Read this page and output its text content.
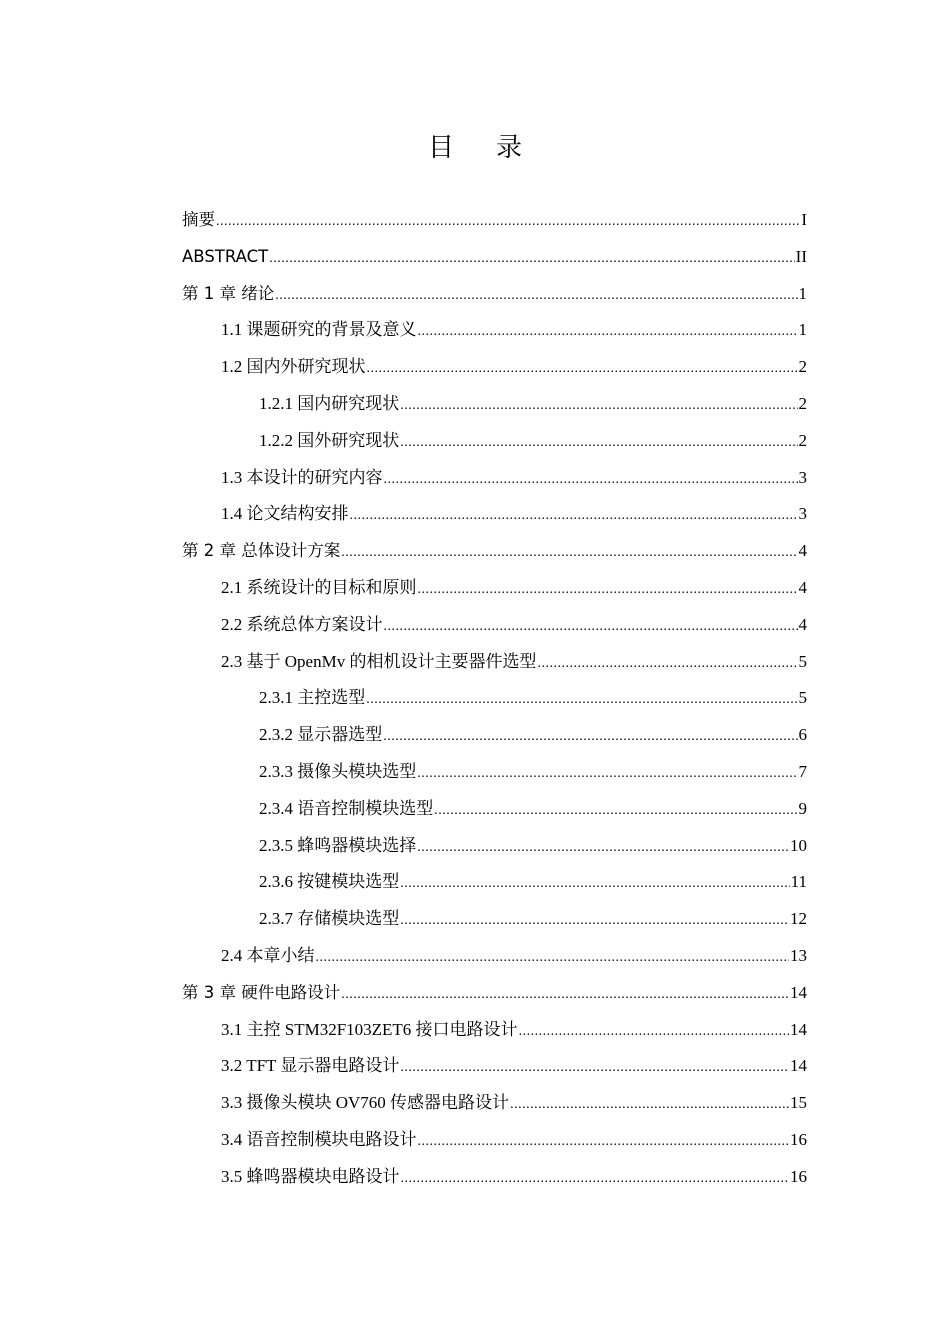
目录
摘要 .....	I
ABSTRACT .....	II
第 1 章 绪论 .....	1
1.1 课题研究的背景及意义 .....	1
1.2 国内外研究现状 .....	2
1.2.1 国内研究现状 .....	2
1.2.2 国外研究现状 .....	2
1.3 本设计的研究内容 .....	3
1.4 论文结构安排 .....	3
第 2 章 总体设计方案 .....	4
2.1 系统设计的目标和原则 .....	4
2.2 系统总体方案设计 .....	4
2.3 基于 OpenMv 的相机设计主要器件选型 .....	5
2.3.1 主控选型 .....	5
2.3.2 显示器选型 .....	6
2.3.3 摄像头模块选型 .....	7
2.3.4 语音控制模块选型 .....	9
2.3.5 蜂鸣器模块选择 .....	10
2.3.6 按键模块选型 .....	11
2.3.7 存储模块选型 .....	12
2.4 本章小结 .....	13
第 3 章 硬件电路设计 .....	14
3.1 主控 STM32F103ZET6 接口电路设计 .....	14
3.2 TFT 显示器电路设计 .....	14
3.3 摄像头模块 OV760 传感器电路设计 .....	15
3.4 语音控制模块电路设计 .....	16
3.5 蜂鸣器模块电路设计 .....	16
